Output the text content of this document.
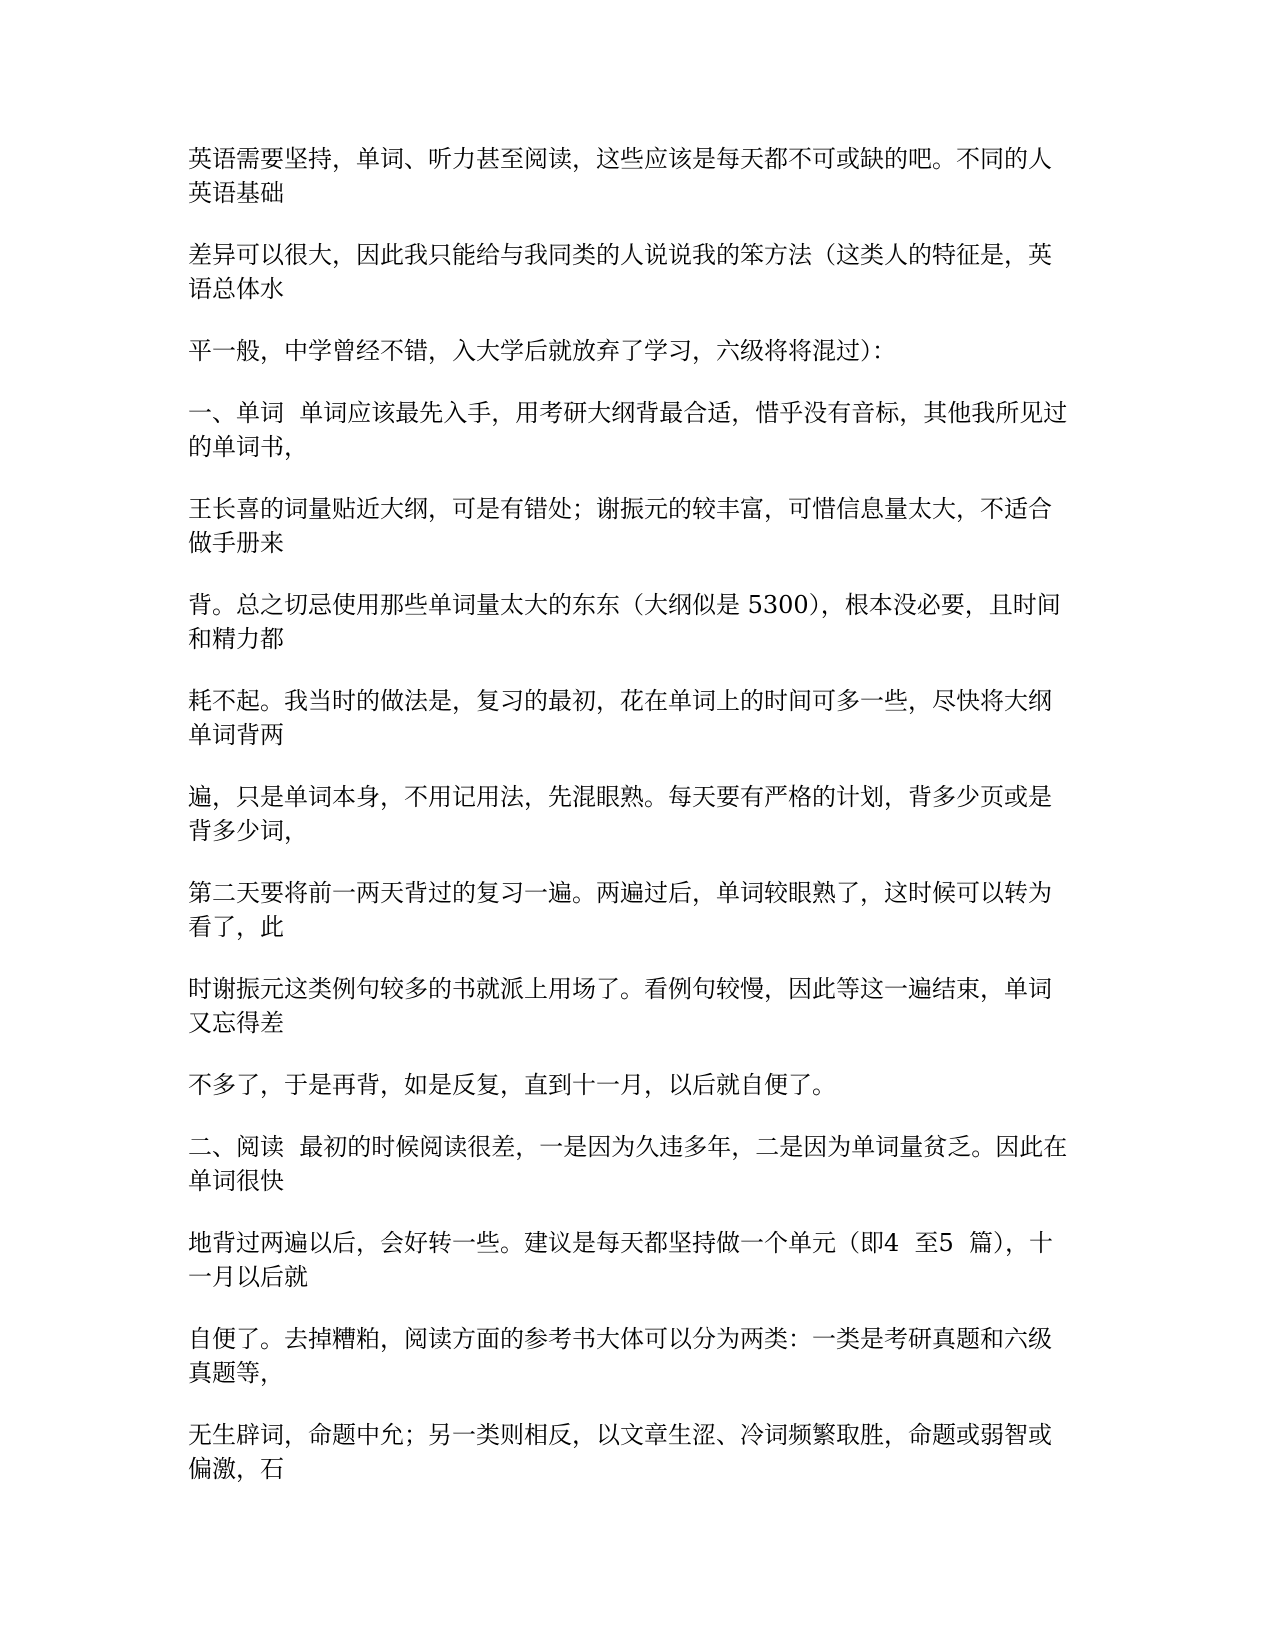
英语需要坚持，单词、听力甚至阅读，这些应该是每天都不可或缺的吧。不同的人
英语基础

差异可以很大，因此我只能给与我同类的人说说我的笨方法（这类人的特征是，英
语总体水

平一般，中学曾经不错，入大学后就放弃了学习，六级将将混过）：

一、单词  单词应该最先入手，用考研大纲背最合适，惜乎没有音标，其他我所见过
的单词书，

王长喜的词量贴近大纲，可是有错处；谢振元的较丰富，可惜信息量太大，不适合
做手册来

背。总之切忌使用那些单词量太大的东东（大纲似是 5300），根本没必要，且时间
和精力都

耗不起。我当时的做法是，复习的最初，花在单词上的时间可多一些，尽快将大纲
单词背两

遍，只是单词本身，不用记用法，先混眼熟。每天要有严格的计划，背多少页或是
背多少词，

第二天要将前一两天背过的复习一遍。两遍过后，单词较眼熟了，这时候可以转为
看了，此

时谢振元这类例句较多的书就派上用场了。看例句较慢，因此等这一遍结束，单词
又忘得差

不多了，于是再背，如是反复，直到十一月，以后就自便了。

二、阅读  最初的时候阅读很差，一是因为久违多年，二是因为单词量贫乏。因此在
单词很快

地背过两遍以后，会好转一些。建议是每天都坚持做一个单元（即4  至5  篇），十
一月以后就

自便了。去掉糟粕，阅读方面的参考书大体可以分为两类：一类是考研真题和六级
真题等，

无生辟词，命题中允；另一类则相反，以文章生涩、冷词频繁取胜，命题或弱智或
偏激，石
